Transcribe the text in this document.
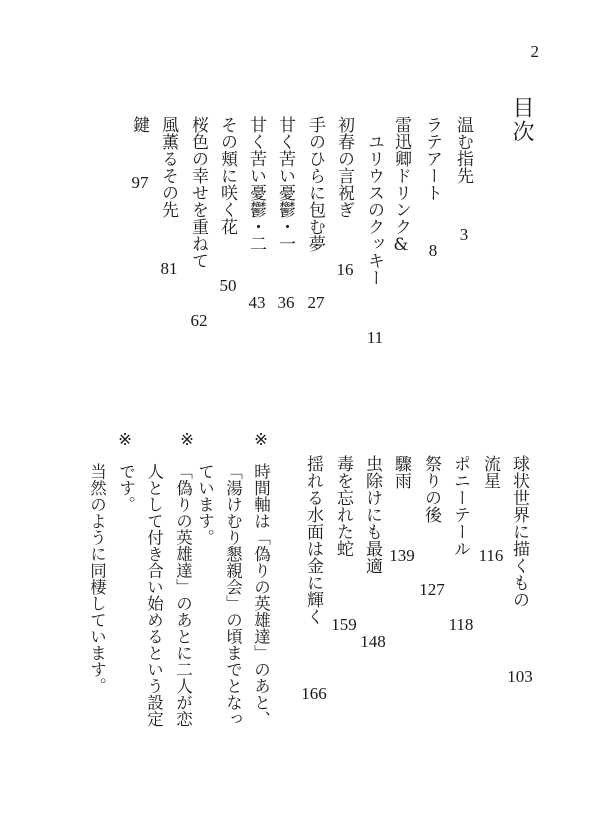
2
目次
温む指先
ラテアート
雷迅卿ドリンク&
ユリウスのクッキー
初春の言祝ぎ
手のひらに包む夢
甘く苦い憂鬱・一
甘く苦い憂鬱・二
その頬に咲く花
桜色の幸せを重ねて
風薫るその先
鍵
3
8
11
16
27
36
43
50
62
81
97
球状世界に描くもの
流星
ポニーテール
祭りの後
驟雨
虫除けにも最適
毒を忘れた蛇
揺れる水面は金に輝く
103
116
118
127
139
148
159
166
※
時間軸は「偽りの英雄達」のあと、
「湯けむり懇親会」の頃までとなっ
ています。
※
「偽りの英雄達」のあとに二人が恋
人として付き合い始めるという設定
です。
※
当然のように同棲しています。
